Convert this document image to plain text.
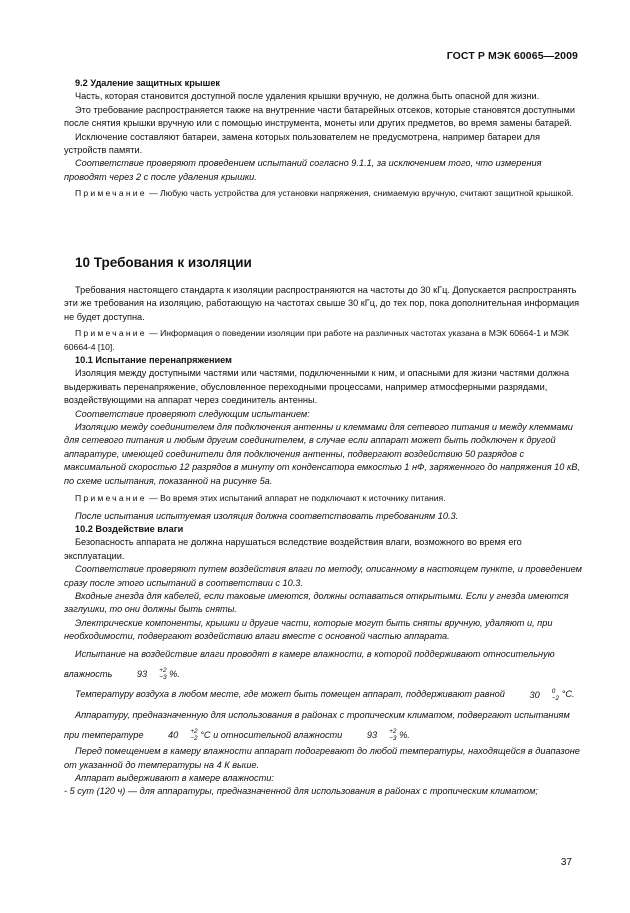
ГОСТ Р МЭК 60065—2009

9.2 Удаление защитных крышек

Часть, которая становится доступной после удаления крышки вручную, не должна быть опасной для жизни.

Это требование распространяется также на внутренние части батарейных отсеков, которые становятся доступными после снятия крышки вручную или с помощью инструмента, монеты или других предметов, во время замены батарей.

Исключение составляют батареи, замена которых пользователем не предусмотрена, например батареи для устройств памяти.

Соответствие проверяют проведением испытаний согласно 9.1.1, за исключением того, что измерения проводят через 2 с после удаления крышки.

Примечание — Любую часть устройства для установки напряжения, снимаемую вручную, считают защитной крышкой.

10 Требования к изоляции

Требования настоящего стандарта к изоляции распространяются на частоты до 30 кГц. Допускается распространять эти же требования на изоляцию, работающую на частотах свыше 30 кГц, до тех пор, пока дополнительная информация не будет доступна.

Примечание — Информация о поведении изоляции при работе на различных частотах указана в МЭК 60664-1 и МЭК 60664-4 [10].

10.1 Испытание перенапряжением

Изоляция между доступными частями или частями, подключенными к ним, и опасными для жизни частями должна выдерживать перенапряжение, обусловленное переходными процессами, например атмосферными разрядами, воздействующими на аппарат через соединитель антенны.

Соответствие проверяют следующим испытанием:

Изоляцию между соединителем для подключения антенны и клеммами для сетевого питания и между клеммами для сетевого питания и любым другим соединителем, в случае если аппарат может быть подключен к другой аппаратуре, имеющей соединители для подключения антенны, подвергают воздействию 50 разрядов с максимальной скоростью 12 разрядов в минуту от конденсатора емкостью 1 нФ, заряженного до напряжения 10 кВ, по схеме испытания, показанной на рисунке 5а.

Примечание — Во время этих испытаний аппарат не подключают к источнику питания.

После испытания испытуемая изоляция должна соответствовать требованиям 10.3.

10.2 Воздействие влаги

Безопасность аппарата не должна нарушаться вследствие воздействия влаги, возможного во время его эксплуатации.

Соответствие проверяют путем воздействия влаги по методу, описанному в настоящем пункте, и проведением сразу после этого испытаний в соответствии с 10.3.

Входные гнезда для кабелей, если таковые имеются, должны оставаться открытыми. Если у гнезда имеются заглушки, то они должны быть сняты.

Электрические компоненты, крышки и другие части, которые могут быть сняты вручную, удаляют и, при необходимости, подвергают воздействию влаги вместе с основной частью аппарата.

Испытание на воздействие влаги проводят в камере влажности, в которой поддерживают относительную влажность	93	+2
−3 %.

Температуру воздуха в любом месте, где может быть помещен аппарат, поддерживают равной	30	0
−2 °С.

Аппаратуру, предназначенную для использования в районах с тропическим климатом, подвергают испытаниям при температуре	40	+2
−2 °С и относительной влажности	93	+2
−3 %.

Перед помещением в камеру влажности аппарат подогревают до любой температуры, находящейся в диапазоне от указанной до температуры на 4 К выше.

Аппарат выдерживают в камере влажности:

- 5 сут (120 ч) — для аппаратуры, предназначенной для использования в районах с тропическим климатом;

37
